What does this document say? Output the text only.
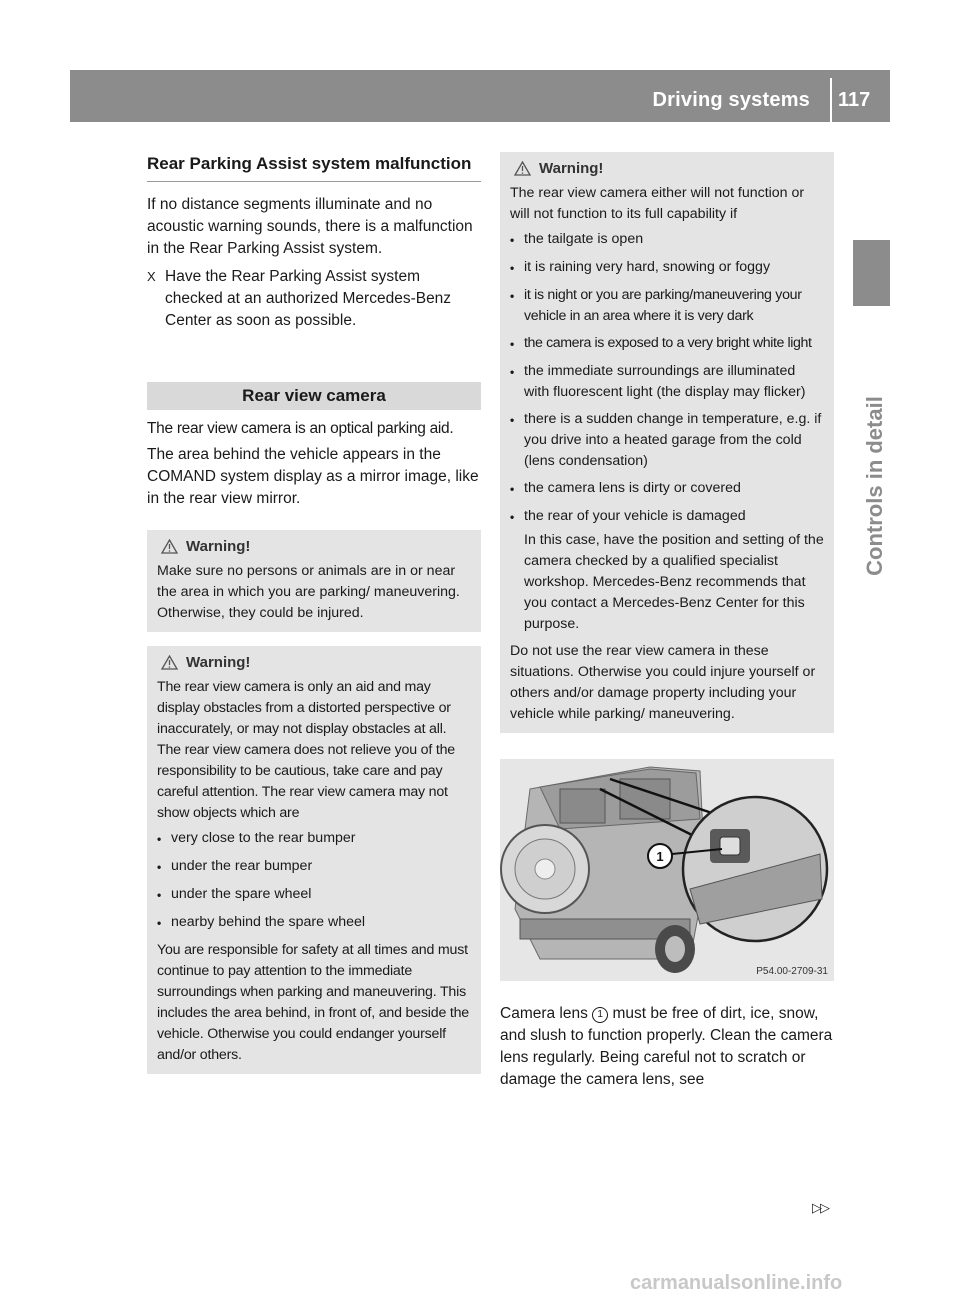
Driving systems	117
Controls in detail
Rear Parking Assist system malfunction

If no distance segments illuminate and no acoustic warning sounds, there is a malfunction in the Rear Parking Assist system.

X Have the Rear Parking Assist system checked at an authorized Mercedes-Benz Center as soon as possible.
Rear view camera

The rear view camera is an optical parking aid.

The area behind the vehicle appears in the COMAND system display as a mirror image, like in the rear view mirror.

Warning!

Make sure no persons or animals are in or near the area in which you are parking/ maneuvering. Otherwise, they could be injured.

Warning!

The rear view camera is only an aid and may display obstacles from a distorted perspective or inaccurately, or may not display obstacles at all. The rear view camera does not relieve you of the responsibility to be cautious, take care and pay careful attention. The rear view camera may not show objects which are

• very close to the rear bumper
• under the rear bumper
• under the spare wheel
• nearby behind the spare wheel

You are responsible for safety at all times and must continue to pay attention to the immediate surroundings when parking and maneuvering. This includes the area behind, in front of, and beside the vehicle. Otherwise you could endanger yourself and/or others.

Warning!

The rear view camera either will not function or will not function to its full capability if

• the tailgate is open
• it is raining very hard, snowing or foggy
• it is night or you are parking/maneuvering your vehicle in an area where it is very dark
• the camera is exposed to a very bright white light
• the immediate surroundings are illuminated with fluorescent light (the display may flicker)
• there is a sudden change in temperature, e.g. if you drive into a heated garage from the cold (lens condensation)
• the camera lens is dirty or covered
• the rear of your vehicle is damaged
In this case, have the position and setting of the camera checked by a qualified specialist workshop. Mercedes-Benz recommends that you contact a Mercedes-Benz Center for this purpose.

Do not use the rear view camera in these situations. Otherwise you could injure yourself or others and/or damage property including your vehicle while parking/ maneuvering.

1
P54.00-2709-31

Camera lens 1 must be free of dirt, ice, snow, and slush to function properly. Clean the camera lens regularly. Being careful not to scratch or damage the camera lens, see

▷▷
carmanualsonline.info
